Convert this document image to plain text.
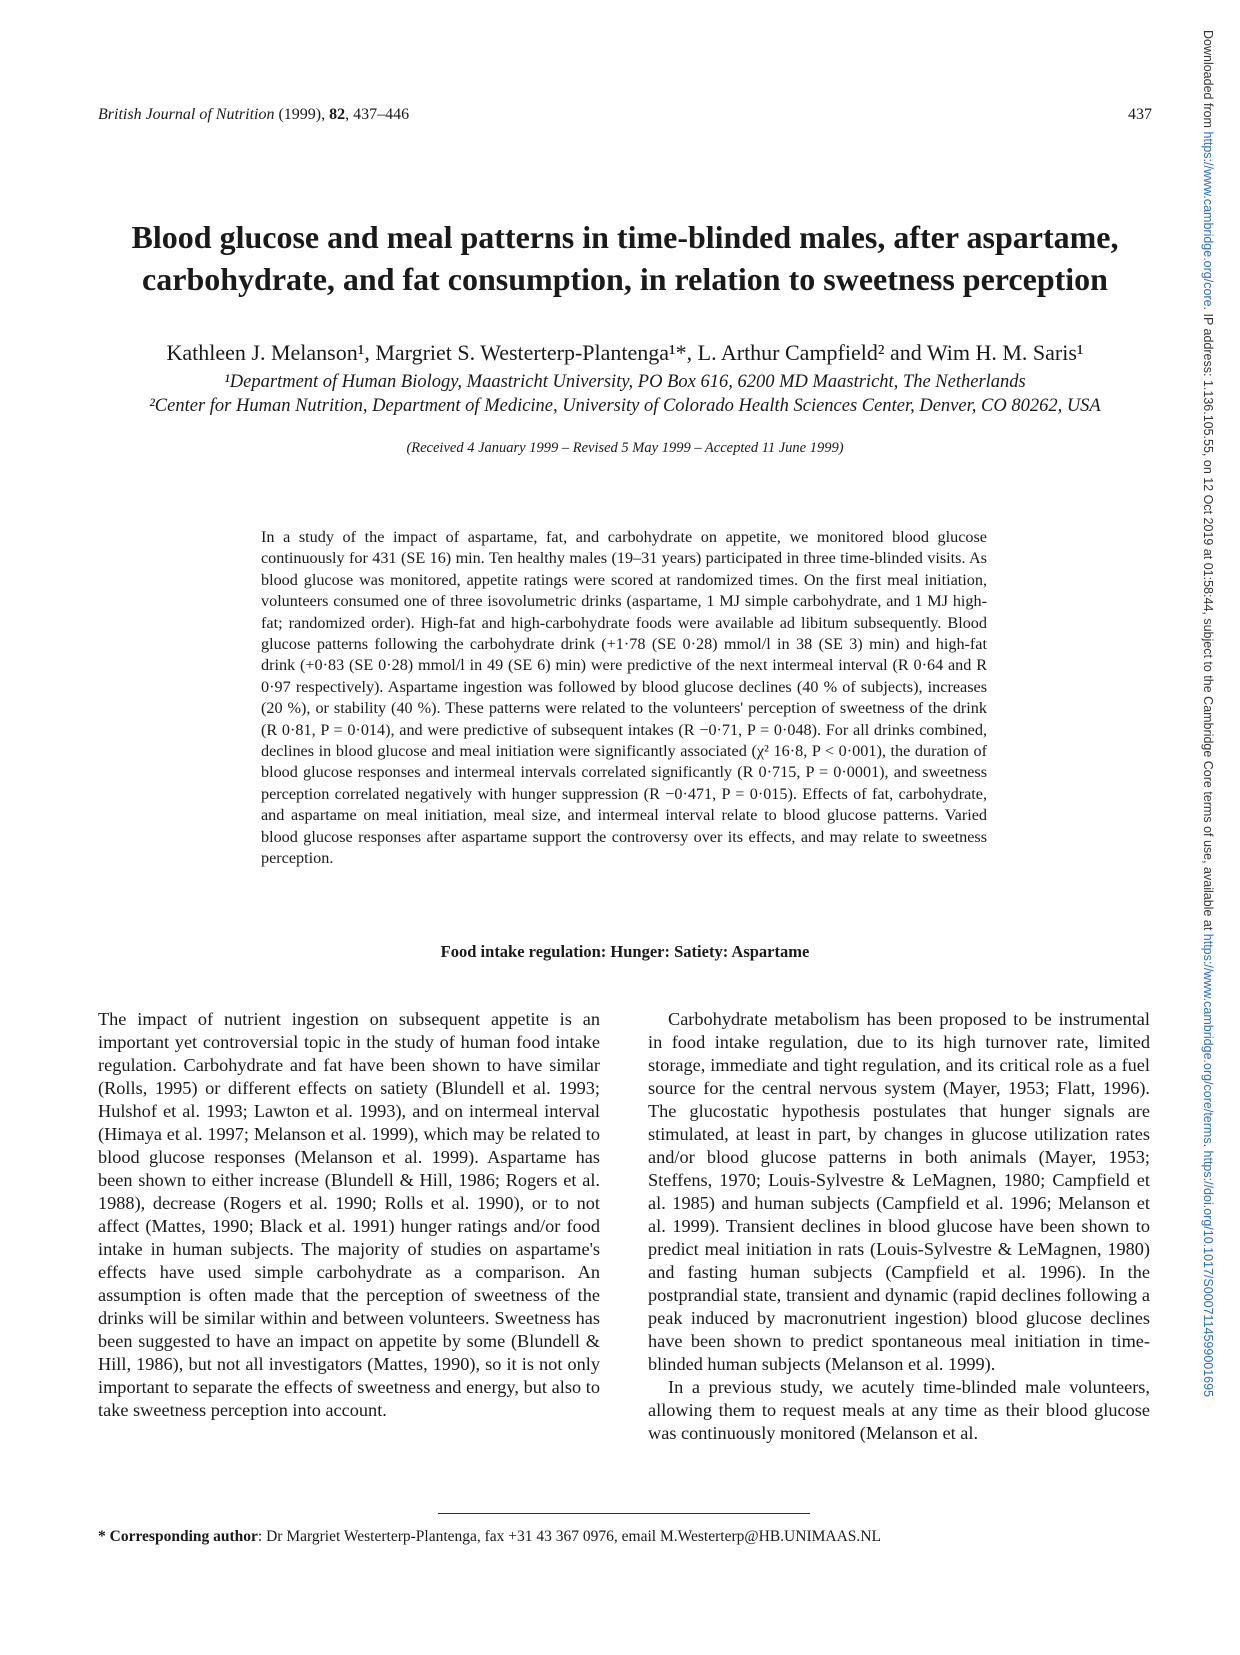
British Journal of Nutrition (1999), 82, 437–446	437
Blood glucose and meal patterns in time-blinded males, after aspartame, carbohydrate, and fat consumption, in relation to sweetness perception
Kathleen J. Melanson¹, Margriet S. Westerterp-Plantenga¹*, L. Arthur Campfield² and Wim H. M. Saris¹
¹Department of Human Biology, Maastricht University, PO Box 616, 6200 MD Maastricht, The Netherlands
²Center for Human Nutrition, Department of Medicine, University of Colorado Health Sciences Center, Denver, CO 80262, USA
(Received 4 January 1999 – Revised 5 May 1999 – Accepted 11 June 1999)
In a study of the impact of aspartame, fat, and carbohydrate on appetite, we monitored blood glucose continuously for 431 (SE 16) min. Ten healthy males (19–31 years) participated in three time-blinded visits. As blood glucose was monitored, appetite ratings were scored at randomized times. On the first meal initiation, volunteers consumed one of three isovolumetric drinks (aspartame, 1 MJ simple carbohydrate, and 1 MJ high-fat; randomized order). High-fat and high-carbohydrate foods were available ad libitum subsequently. Blood glucose patterns following the carbohydrate drink (+1·78 (SE 0·28) mmol/l in 38 (SE 3) min) and high-fat drink (+0·83 (SE 0·28) mmol/l in 49 (SE 6) min) were predictive of the next intermeal interval (R 0·64 and R 0·97 respectively). Aspartame ingestion was followed by blood glucose declines (40 % of subjects), increases (20 %), or stability (40 %). These patterns were related to the volunteers' perception of sweetness of the drink (R 0·81, P = 0·014), and were predictive of subsequent intakes (R −0·71, P = 0·048). For all drinks combined, declines in blood glucose and meal initiation were significantly associated (χ² 16·8, P < 0·001), the duration of blood glucose responses and intermeal intervals correlated significantly (R 0·715, P = 0·0001), and sweetness perception correlated negatively with hunger suppression (R −0·471, P = 0·015). Effects of fat, carbohydrate, and aspartame on meal initiation, meal size, and intermeal interval relate to blood glucose patterns. Varied blood glucose responses after aspartame support the controversy over its effects, and may relate to sweetness perception.
Food intake regulation: Hunger: Satiety: Aspartame

The impact of nutrient ingestion on subsequent appetite is an important yet controversial topic in the study of human food intake regulation. Carbohydrate and fat have been shown to have similar (Rolls, 1995) or different effects on satiety (Blundell et al. 1993; Hulshof et al. 1993; Lawton et al. 1993), and on intermeal interval (Himaya et al. 1997; Melanson et al. 1999), which may be related to blood glucose responses (Melanson et al. 1999). Aspartame has been shown to either increase (Blundell & Hill, 1986; Rogers et al. 1988), decrease (Rogers et al. 1990; Rolls et al. 1990), or to not affect (Mattes, 1990; Black et al. 1991) hunger ratings and/or food intake in human subjects. The majority of studies on aspartame's effects have used simple carbohydrate as a comparison. An assumption is often made that the perception of sweetness of the drinks will be similar within and between volunteers. Sweetness has been suggested to have an impact on appetite by some (Blundell & Hill, 1986), but not all investigators (Mattes, 1990), so it is not only important to separate the effects of sweetness and energy, but also to take sweetness perception into account.

Carbohydrate metabolism has been proposed to be instrumental in food intake regulation, due to its high turnover rate, limited storage, immediate and tight regulation, and its critical role as a fuel source for the central nervous system (Mayer, 1953; Flatt, 1996). The glucostatic hypothesis postulates that hunger signals are stimulated, at least in part, by changes in glucose utilization rates and/or blood glucose patterns in both animals (Mayer, 1953; Steffens, 1970; Louis-Sylvestre & LeMagnen, 1980; Campfield et al. 1985) and human subjects (Campfield et al. 1996; Melanson et al. 1999). Transient declines in blood glucose have been shown to predict meal initiation in rats (Louis-Sylvestre & LeMagnen, 1980) and fasting human subjects (Campfield et al. 1996). In the postprandial state, transient and dynamic (rapid declines following a peak induced by macronutrient ingestion) blood glucose declines have been shown to predict spontaneous meal initiation in time-blinded human subjects (Melanson et al. 1999).

In a previous study, we acutely time-blinded male volunteers, allowing them to request meals at any time as their blood glucose was continuously monitored (Melanson et al.

* Corresponding author: Dr Margriet Westerterp-Plantenga, fax +31 43 367 0976, email M.Westerterp@HB.UNIMAAS.NL
Downloaded from https://www.cambridge.org/core. IP address: 1.136.105.55, on 12 Oct 2019 at 01:58:44, subject to the Cambridge Core terms of use, available at https://www.cambridge.org/core/terms. https://doi.org/10.1017/S0007114599001695
